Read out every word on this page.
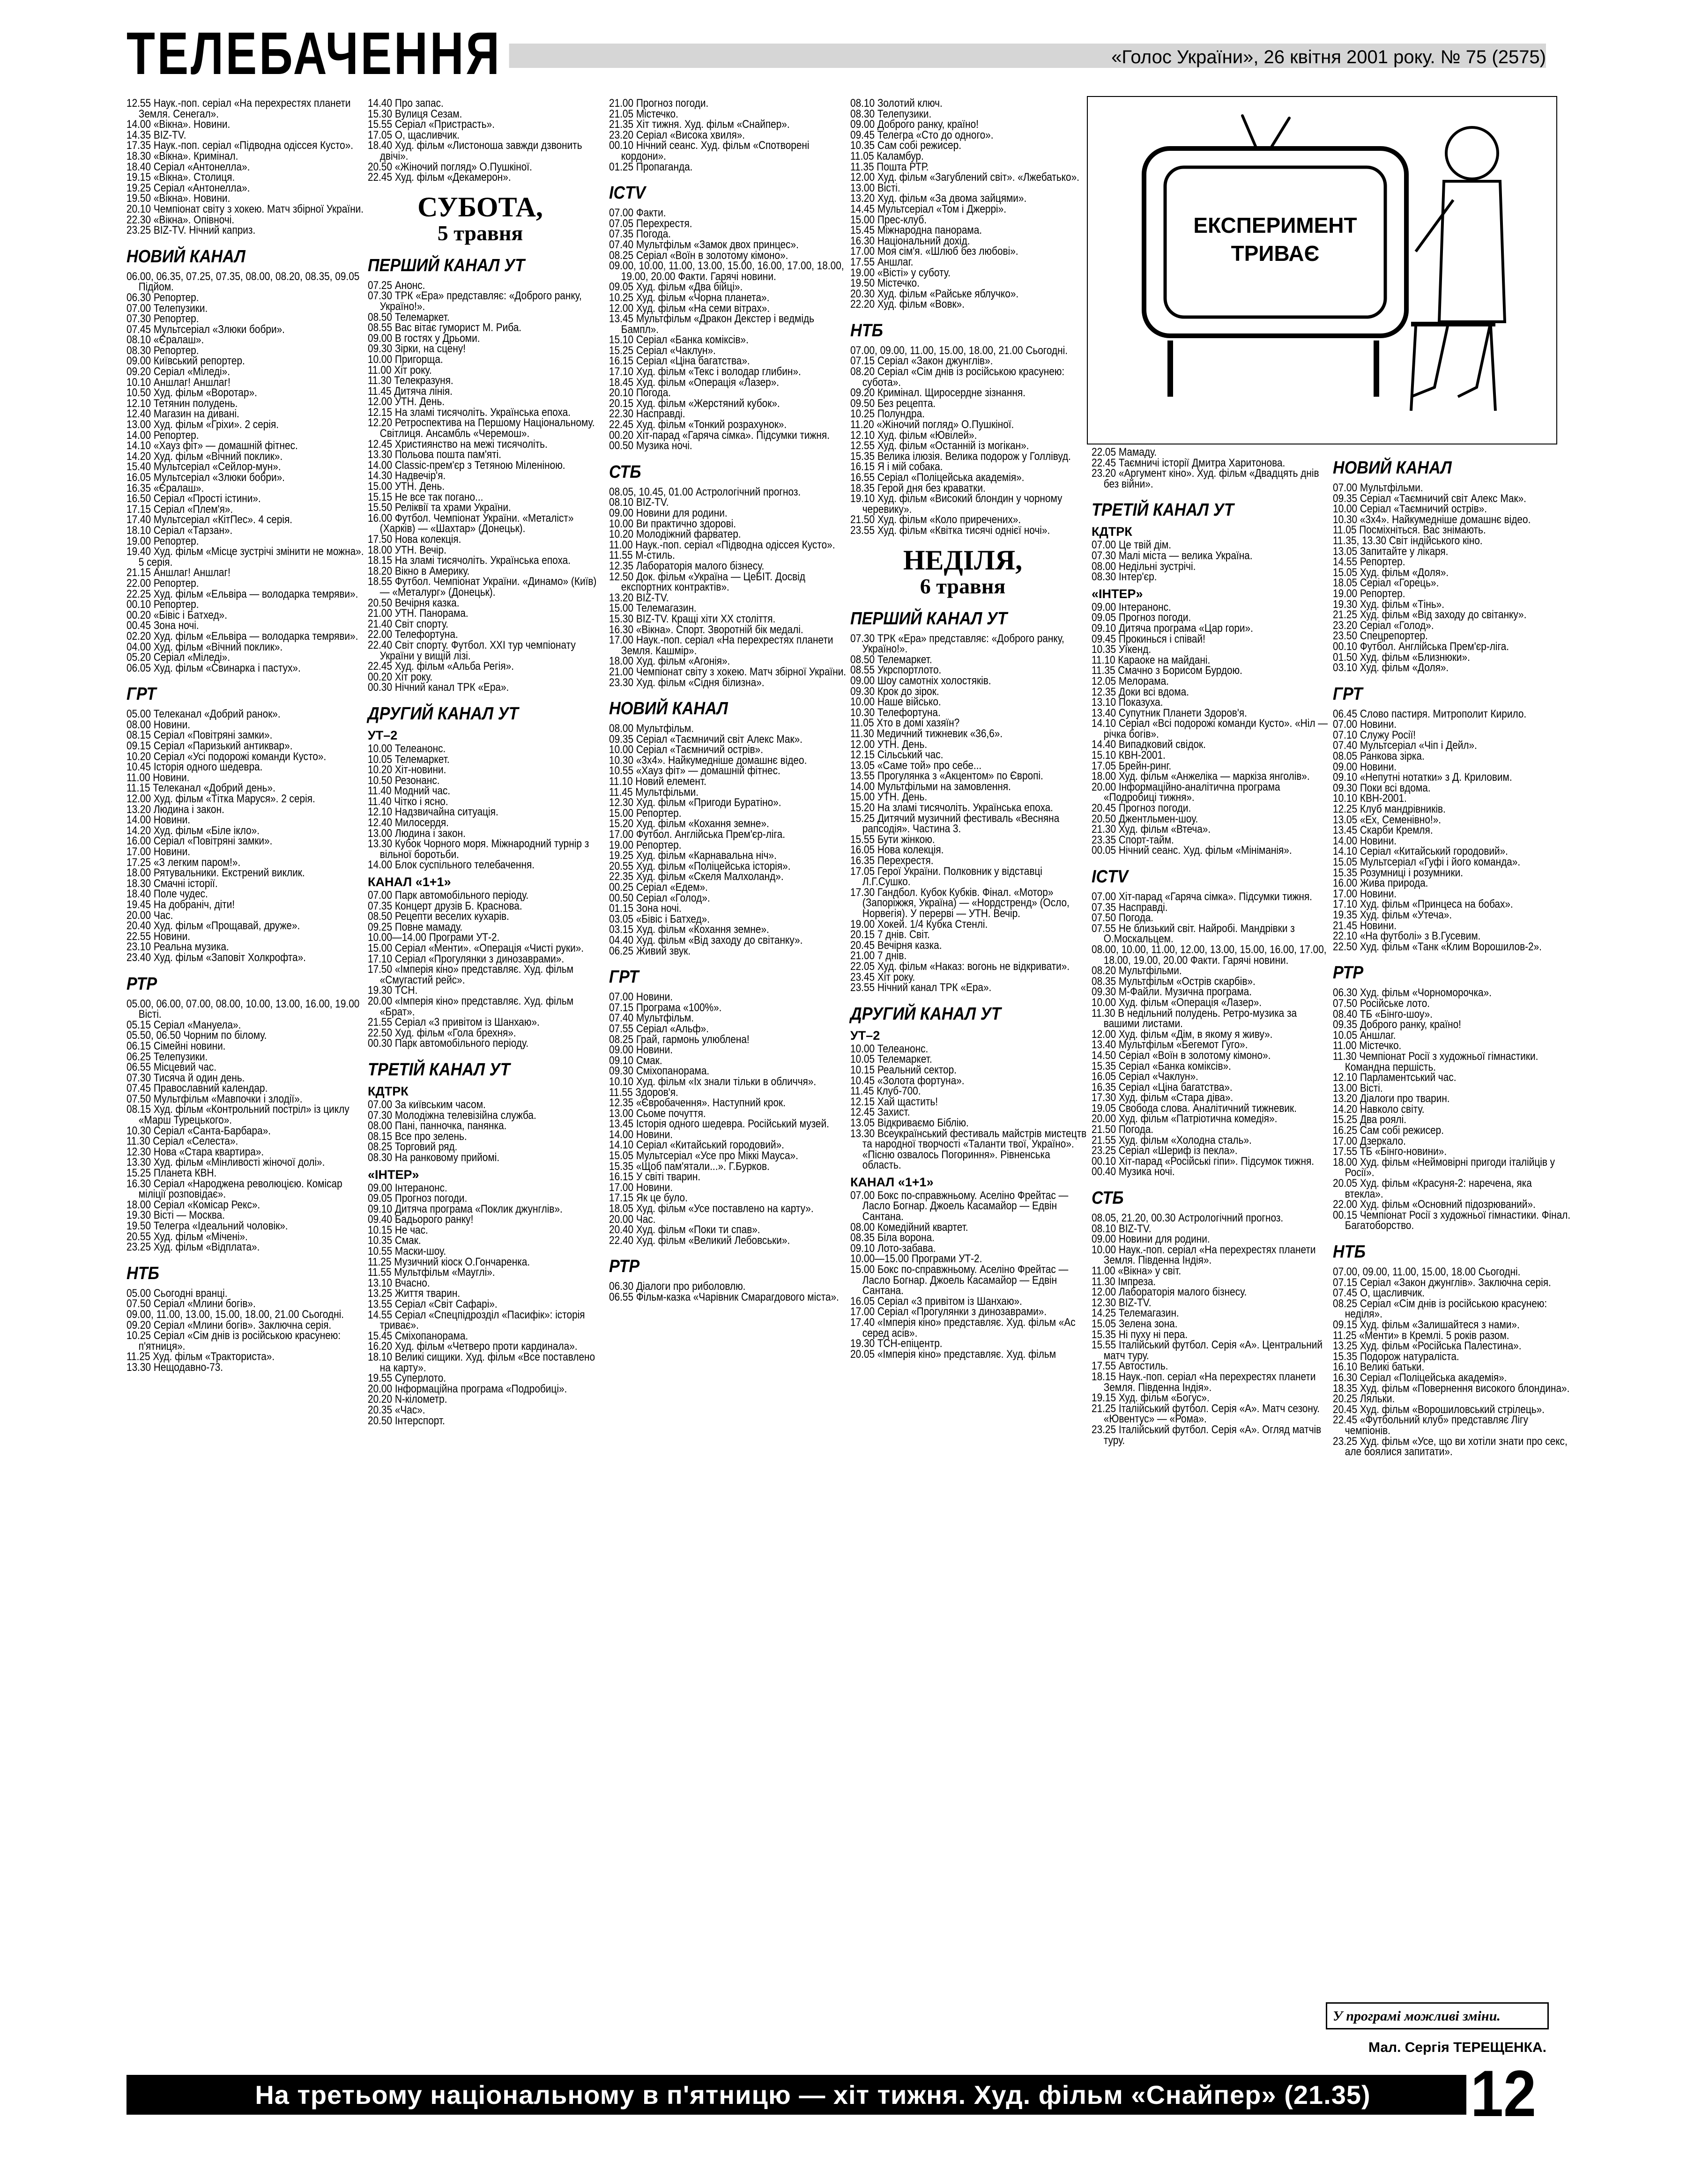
ТЕЛЕБАЧЕННЯ	«Голос України», 26 квітня 2001 року. № 75 (2575)

12.55 Наук.-поп. серіал «На перехрестях планети Земля. Сенегал».

14.00 «Вікна». Новини.

14.35 BIZ-TV.

17.35 Наук.-поп. серіал «Підводна одіссея Кусто».

18.30 «Вікна». Кримінал.

18.40 Серіал «Антонелла».

19.15 «Вікна». Столиця.

19.25 Серіал «Антонелла».

19.50 «Вікна». Новини.

20.10 Чемпіонат світу з хокею. Матч збірної України.

22.30 «Вікна». Опівночі.

23.25 BIZ-TV. Нічний каприз.

НОВИЙ КАНАЛ

06.00, 06.35, 07.25, 07.35, 08.00, 08.20, 08.35, 09.05 Підйом.

06.30 Репортер.

07.00 Телепузики.

07.30 Репортер.

07.45 Мультсеріал «Злюки бобри».

08.10 «Єралаш».

08.30 Репортер.

09.00 Київський репортер.

09.20 Серіал «Міледі».

10.10 Аншлаг! Аншлаг!

10.50 Худ. фільм «Воротар».

12.10 Тетянин полудень.

12.40 Магазин на дивані.

13.00 Худ. фільм «Гріхи». 2 серія.

14.00 Репортер.

14.10 «Хауз фіт» — домашній фітнес.

14.20 Худ. фільм «Вічний поклик».

15.40 Мультсеріал «Сейлор-мун».

16.05 Мультсеріал «Злюки бобри».

16.35 «Єралаш».

16.50 Серіал «Прості істини».

17.15 Серіал «Плем'я».

17.40 Мультсеріал «КітПес». 4 серія.

18.10 Серіал «Тарзан».

19.00 Репортер.

19.40 Худ. фільм «Місце зустрічі змінити не можна». 5 серія.

21.15 Аншлаг! Аншлаг!

22.00 Репортер.

22.25 Худ. фільм «Ельвіра — володарка темряви».

00.10 Репортер.

00.20 «Бівіс і Батхед».

00.45 Зона ночі.

02.20 Худ. фільм «Ельвіра — володарка темряви».

04.00 Худ. фільм «Вічний поклик».

05.20 Серіал «Міледі».

06.05 Худ. фільм «Свинарка і пастух».

ГРТ

05.00 Телеканал «Добрий ранок».

08.00 Новини.

08.15 Серіал «Повітряні замки».

09.15 Серіал «Паризький антиквар».

10.20 Серіал «Усі подорожі команди Кусто».

10.45 Історія одного шедевра.

11.00 Новини.

11.15 Телеканал «Добрий день».

12.00 Худ. фільм «Тітка Маруся». 2 серія.

13.20 Людина і закон.

14.00 Новини.

14.20 Худ. фільм «Біле ікло».

16.00 Серіал «Повітряні замки».

17.00 Новини.

17.25 «З легким паром!».

18.00 Рятувальники. Екстрений виклик.

18.30 Смачні історії.

18.40 Поле чудес.

19.45 На добраніч, діти!

20.00 Час.

20.40 Худ. фільм «Прощавай, друже».

22.55 Новини.

23.10 Реальна музика.

23.40 Худ. фільм «Заповіт Холкрофта».

РТР

05.00, 06.00, 07.00, 08.00, 10.00, 13.00, 16.00, 19.00 Вісті.

05.15 Серіал «Мануела».

05.50, 06.50 Чорним по білому.

06.15 Сімейні новини.

06.25 Телепузики.

06.55 Місцевий час.

07.30 Тисяча й один день.

07.45 Православний календар.

07.50 Мультфільм «Мавпочки і злодії».

08.15 Худ. фільм «Контрольний постріл» із циклу «Марш Турецького».

10.30 Серіал «Санта-Барбара».

11.30 Серіал «Селеста».

12.30 Нова «Стара квартира».

13.30 Худ. фільм «Мінливості жіночої долі».

15.25 Планета КВН.

16.30 Серіал «Народжена революцією. Комісар міліції розповідає».

18.00 Серіал «Комісар Рекс».

19.30 Вісті — Москва.

19.50 Телегра «Ідеальний чоловік».

20.55 Худ. фільм «Мічені».

23.25 Худ. фільм «Відплата».

НТБ

05.00 Сьогодні вранці.

07.50 Серіал «Млини богів».

09.00, 11.00, 13.00, 15.00, 18.00, 21.00 Сьогодні.

09.20 Серіал «Млини богів». Заключна серія.

10.25 Серіал «Сім днів із російською красунею: п'ятниця».

11.25 Худ. фільм «Тракториста».

13.30 Нещодавно-73.

14.40 Про запас.

15.30 Вулиця Сезам.

15.55 Серіал «Пристрасть».

17.05 О, щасливчик.

18.40 Худ. фільм «Листоноша завжди дзвонить двічі».

20.50 «Жіночий погляд» О.Пушкіної.

22.45 Худ. фільм «Декамерон».

СУБОТА,
5 травня
ПЕРШИЙ КАНАЛ УТ

07.25 Анонс.

07.30 ТРК «Ера» представляє: «Доброго ранку, Україно!».

08.50 Телемаркет.

08.55 Вас вітає гуморист М. Риба.

09.00 В гостях у Дрьоми.

09.30 Зірки, на сцену!

10.00 Пригорща.

11.00 Хіт року.

11.30 Телекразуня.

11.45 Дитяча лінія.

12.00 УТН. День.

12.15 На зламі тисячоліть. Українська епоха.

12.20 Ретроспектива на Першому Національному. Світлиця. Ансамбль «Черемош».

12.45 Християнство на межі тисячоліть.

13.30 Польова пошта пам'яті.

14.00 Classic-прем'єр з Тетяною Міленіною.

14.30 Надвечір'я.

15.00 УТН. День.

15.15 Не все так погано...

15.50 Реліквії та храми України.

16.00 Футбол. Чемпіонат України. «Металіст» (Харків) — «Шахтар» (Донецьк).

17.50 Нова колекція.

18.00 УТН. Вечір.

18.15 На зламі тисячоліть. Українська епоха.

18.20 Вікно в Америку.

18.55 Футбол. Чемпіонат України. «Динамо» (Київ) — «Металург» (Донецьк).

20.50 Вечірня казка.

21.00 УТН. Панорама.

21.40 Світ спорту.

22.00 Телефортуна.

22.40 Світ спорту. Футбол. XXI тур чемпіонату України у вищій лізі.

22.45 Худ. фільм «Альба Регія».

00.20 Хіт року.

00.30 Нічний канал ТРК «Ера».

ДРУГИЙ КАНАЛ УТ
УТ–2

10.00 Телеанонс.

10.05 Телемаркет.

10.20 Хіт-новини.

10.50 Резонанс.

11.40 Модний час.

11.40 Чіткo і ясно.

12.10 Надзвичайна ситуація.

12.40 Милосердя.

13.00 Людина і закон.

13.30 Кубок Чорного моря. Міжнародний турнір з вільної боротьби.

14.00 Блок суспільного телебачення.

КАНАЛ «1+1»

07.00 Парк автомобільного періоду.

07.35 Концерт друзів Б. Краснова.

08.50 Рецепти веселих кухарів.

09.25 Повне мамаду.

10.00—14.00 Програми УТ-2.

15.00 Серіал «Менти». «Операція «Чисті руки».

17.10 Серіал «Прогулянки з динозаврами».

17.50 «Імперія кіно» представляє. Худ. фільм «Смугастий рейс».

19.30 ТСН.

20.00 «Імперія кіно» представляє. Худ. фільм «Брат».

21.55 Серіал «3 привітом із Шанхаю».

22.50 Худ. фільм «Гола брехня».

00.30 Парк автомобільного періоду.

ТРЕТІЙ КАНАЛ УТ
КДТРК

07.00 За київським часом.

07.30 Молодіжна телевізійна служба.

08.00 Пані, панночка, панянка.

08.15 Все про зелень.

08.25 Торговий ряд.

08.30 На ранковому прийомі.

«ІНТЕР»

09.00 Інтеранонс.

09.05 Прогноз погоди.

09.10 Дитяча програма «Поклик джунглів».

09.40 Бадьорого ранку!

10.15 Не час.

10.35 Смак.

10.55 Маски-шоу.

11.25 Музичний кіоск О.Гончаренка.

11.55 Мультфільм «Мауглі».

13.10 Вчасно.

13.25 Життя тварин.

13.55 Серіал «Світ Сафарі».

14.55 Серіал «Спецпідрозділ «Пасифік»: історія триває».

15.45 Сміхопанорама.

16.20 Худ. фільм «Четверо проти кардинала».

18.10 Великі сищики. Худ. фільм «Все поставлено на карту».

19.55 Суперлото.

20.00 Інформаційна програма «Подробиці».

20.20 N-кілометр.

20.35 «Час».

20.50 Інтерспорт.

21.00 Прогноз погоди.

21.05 Містечко.

21.35 Хіт тижня. Худ. фільм «Снайпер».

23.20 Серіал «Висока хвиля».

00.10 Нічний сеанс. Худ. фільм «Спотворені кордони».

01.25 Пропаганда.

ICTV

07.00 Факти.

07.05 Перехрестя.

07.35 Погода.

07.40 Мультфільм «Замок двох принцес».

08.25 Серіал «Воїн в золотому кімоно».

09.00, 10.00, 11.00, 13.00, 15.00, 16.00, 17.00, 18.00, 19.00, 20.00 Факти. Гарячі новини.

09.05 Худ. фільм «Два бійці».

10.25 Худ. фільм «Чорна планета».

12.00 Худ. фільм «На семи вітрах».

13.45 Мультфільм «Дракон Декстер і ведмідь Бампл».

15.10 Серіал «Банка коміксів».

15.25 Серіал «Чаклун».

16.15 Серіал «Ціна багатства».

17.10 Худ. фільм «Текс і володар глибин».

18.45 Худ. фільм «Операція «Лазер».

20.10 Погода.

20.15 Худ. фільм «Жерстяний кубок».

22.30 Насправді.

22.45 Худ. фільм «Тонкий розрахунок».

00.20 Хіт-парад «Гаряча сімка». Підсумки тижня.

00.50 Музика ночі.

СТБ

08.05, 10.45, 01.00 Астрологічний прогноз.

08.10 BIZ-TV.

09.00 Новини для родини.

10.00 Ви практично здорові.

10.20 Молодіжний фарватер.

11.00 Наук.-поп. серіал «Підводна одіссея Кусто».

11.55 М-стиль.

12.35 Лабораторія малого бізнесу.

12.50 Док. фільм «Україна — ЦеБІТ. Досвід експортних контрактів».

13.20 BIZ-TV.

15.00 Телемагазин.

15.30 BIZ-TV. Кращі хіти XX століття.

16.30 «Вікна». Спорт. Зворотній бік медалі.

17.00 Наук.-поп. серіал «На перехрестях планети Земля. Кашмір».

18.00 Худ. фільм «Агонія».

21.00 Чемпіонат світу з хокею. Матч збірної України.

23.30 Худ. фільм «Сідня білизна».

НОВИЙ КАНАЛ

08.00 Мультфільм.

09.35 Серіал «Таємничий світ Алекс Мак».

10.00 Серіал «Таємничий острів».

10.30 «3х4». Найкумедніше домашнє відео.

10.55 «Хауз фіт» — домашній фітнес.

11.10 Новий елемент.

11.45 Мультфільми.

12.30 Худ. фільм «Пригоди Буратіно».

15.00 Репортер.

15.20 Худ. фільм «Кохання земне».

17.00 Футбол. Англійська Прем'єр-ліга.

19.00 Репортер.

19.25 Худ. фільм «Карнавальна ніч».

20.55 Худ. фільм «Поліцейська історія».

22.35 Худ. фільм «Скеля Малхоланд».

00.25 Серіал «Едем».

00.50 Серіал «Голод».

01.15 Зона ночі.

03.05 «Бівіс і Батхед».

03.15 Худ. фільм «Кохання земне».

04.40 Худ. фільм «Від заходу до світанку».

06.25 Живий звук.

ГРТ

07.00 Новини.

07.15 Програма «100%».

07.40 Мультфільм.

07.55 Серіал «Альф».

08.25 Грай, гармонь улюблена!

09.00 Новини.

09.10 Смак.

09.30 Сміхопанорама.

10.10 Худ. фільм «Іх знали тільки в обличчя».

11.55 Здоров'я.

12.35 «Євробачення». Наступний крок.

13.00 Сьоме почуття.

13.45 Історія одного шедевра. Російський музей.

14.00 Новини.

14.10 Серіал «Китайський городовий».

15.05 Мультсеріал «Усе про Міккі Мауса».

15.35 «Щоб пам'ятали...». Г.Бурков.

16.15 У світі тварин.

17.00 Новини.

17.15 Як це було.

18.05 Худ. фільм «Усе поставлено на карту».

20.00 Час.

20.40 Худ. фільм «Поки ти спав».

22.40 Худ. фільм «Великий Лебовськи».

РТР

06.30 Діалоги про риболовлю.

06.55 Фільм-казка «Чарівник Смарагдового міста».

08.10 Золотий ключ.

08.30 Телепузики.

09.00 Доброго ранку, країно!

09.45 Телегра «Сто до одного».

10.35 Сам собі режисер.

11.05 Каламбур.

11.35 Пошта РТР.

12.00 Худ. фільм «Загублений світ». «Лжебатько».

13.00 Вісті.

13.20 Худ. фільм «За двома зайцями».

14.45 Мультсеріал «Том і Джеррі».

15.00 Прес-клуб.

15.45 Міжнародна панорама.

16.30 Національний дохід.

17.00 Моя сім'я. «Шлюб без любові».

17.55 Аншлаг.

19.00 «Вісті» у суботу.

19.50 Містечко.

20.30 Худ. фільм «Райське яблучко».

22.20 Худ. фільм «Вовк».

НТБ

07.00, 09.00, 11.00, 15.00, 18.00, 21.00 Сьогодні.

07.15 Серіал «Закон джунглів».

08.20 Серіал «Сім днів із російською красунею: субота».

09.20 Кримінал. Щиросердне зізнання.

09.50 Без рецепта.

10.25 Полундра.

11.20 «Жіночий погляд» О.Пушкіної.

12.10 Худ. фільм «Ювілей».

12.55 Худ. фільм «Останній із могікан».

15.35 Велика ілюзія. Велика подорож у Голлівуд.

16.15 Я і мій собака.

16.55 Серіал «Поліцейська академія».

18.35 Герой дня без краватки.

19.10 Худ. фільм «Високий блондин у чорному черевику».

21.50 Худ. фільм «Коло приречених».

23.55 Худ. фільм «Квітка тисячі однієї ночі».

НЕДІЛЯ,
6 травня
ПЕРШИЙ КАНАЛ УТ

07.30 ТРК «Ера» представляє: «Доброго ранку, Україно!».

08.50 Телемаркет.

08.55 Укрспортлото.

09.00 Шоу самотніх холостяків.

09.30 Крок до зірок.

10.00 Наше військо.

10.30 Телефортуна.

11.05 Хто в домі хазяїн?

11.30 Медичний тижневик «36,6».

12.00 УТН. День.

12.15 Сільський час.

13.05 «Саме той» про себе...

13.55 Прогулянка з «Акцентом» по Європі.

14.00 Мультфільми на замовлення.

15.00 УТН. День.

15.20 На зламі тисячоліть. Українська епоха.

15.25 Дитячий музичний фестиваль «Весняна рапсодія». Частина 3.

15.55 Бути жінкою.

16.05 Нова колекція.

16.35 Перехрестя.

17.05 Герої України. Полковник у відставці Л.Г.Сушко.

17.30 Гандбол. Кубок Кубків. Фінал. «Мотор» (Запоріжжя, Україна) — «Нордстренд» (Осло, Норвегія). У перерві — УТН. Вечір.

19.00 Хокей. 1/4 Кубка Стенлі.

20.15 7 днів. Світ.

20.45 Вечірня казка.

21.00 7 днів.

22.05 Худ. фільм «Наказ: вогонь не відкривати».

23.45 Хіт року.

23.55 Нічний канал ТРК «Ера».

ДРУГИЙ КАНАЛ УТ
УТ–2

10.00 Телеанонс.

10.05 Телемаркет.

10.15 Реальний сектор.

10.45 «Золота фортуна».

11.45 Клуб-700.

12.15 Хай щастить!

12.45 Захист.

13.05 Відкриваємо Біблію.

13.30 Всеукраїнський фестиваль майстрів мистецтв та народної творчості «Таланти твої, Україно». «Пісню озвалось Погориння». Рівненська область.

КАНАЛ «1+1»

07.00 Бокс по-справжньому. Аселіно Фрейтас — Ласло Богнар. Джоель Касамайор — Едвін Сантана.

08.00 Комедійний квартет.

08.35 Біла ворона.

09.10 Лото-забава.

10.00—15.00 Програми УТ-2.

15.00 Бокс по-справжньому. Аселіно Фрейтас — Ласло Богнар. Джоель Касамайор — Едвін Сантана.

16.05 Серіал «3 привітом із Шанхаю».

17.00 Серіал «Прогулянки з динозаврами».

17.40 «Імперія кіно» представляє. Худ. фільм «Ас серед асів».

19.30 ТСН-епіцентр.

20.05 «Імперія кіно» представляє. Худ. фільм

22.05 Мамаду.

22.45 Таємничі історії Дмитра Харитонова.

23.20 «Аргумент кіно». Худ. фільм «Двадцять днів без війни».

ТРЕТІЙ КАНАЛ УТ
КДТРК

07.00 Це твій дім.

07.30 Малі міста — велика Україна.

08.00 Недільні зустрічі.

08.30 Інтер'єр.

«ІНТЕР»

09.00 Інтеранонс.

09.05 Прогноз погоди.

09.10 Дитяча програма «Цар гори».

09.45 Прокинься і співай!

10.35 Уїкенд.

11.10 Караоке на майдані.

11.35 Смачно з Борисом Бурдою.

12.05 Мелорама.

12.35 Доки всі вдома.

13.10 Показуха.

13.40 Супутник Планети Здоров'я.

14.10 Серіал «Всі подорожі команди Кусто». «Ніл — річка богів».

14.40 Випадковий свідок.

15.10 КВН-2001.

17.05 Брейн-ринг.

18.00 Худ. фільм «Анжеліка — маркіза янголів».

20.00 Інформаційно-аналітична програма «Подробиці тижня».

20.45 Прогноз погоди.

20.50 Джентльмен-шоу.

21.30 Худ. фільм «Втеча».

23.35 Спорт-тайм.

00.05 Нічний сеанс. Худ. фільм «Мініманія».

ICTV

07.00 Хіт-парад «Гаряча сімка». Підсумки тижня.

07.35 Насправді.

07.50 Погода.

07.55 Не близький світ. Найробі. Мандрівки з О.Москальцем.

08.00, 10.00, 11.00, 12.00, 13.00, 15.00, 16.00, 17.00, 18.00, 19.00, 20.00 Факти. Гарячі новини.

08.20 Мультфільми.

08.35 Мультфільм «Острів скарбів».

09.30 М-Файли. Музична програма.

10.00 Худ. фільм «Операція «Лазер».

11.30 В недільний полудень. Ретро-музика за вашими листами.

12.00 Худ. фільм «Дім, в якому я живу».

13.40 Мультфільм «Бегемот Гуго».

14.50 Серіал «Воїн в золотому кімоно».

15.35 Серіал «Банка коміксів».

16.05 Серіал «Чаклун».

16.35 Серіал «Ціна багатства».

17.30 Худ. фільм «Стара діва».

19.05 Свобода слова. Аналітичний тижневик.

20.00 Худ. фільм «Патріотична комедія».

21.50 Погода.

21.55 Худ. фільм «Холодна сталь».

23.25 Серіал «Шериф із пекла».

00.10 Хіт-парад «Російські гіпи». Підсумок тижня.

00.40 Музика ночі.

СТБ

08.05, 21.20, 00.30 Астрологічний прогноз.

08.10 BIZ-TV.

09.00 Новини для родини.

10.00 Наук.-поп. серіал «На перехрестях планети Земля. Південна Індія».

11.00 «Вікна» у світ.

11.30 Імпреза.

12.00 Лабораторія малого бізнесу.

12.30 BIZ-TV.

14.25 Телемагазин.

15.05 Зелена зона.

15.35 Ні пуху ні пера.

15.55 Італійський футбол. Серія «А». Центральний матч туру.

17.55 Автостиль.

18.15 Наук.-поп. серіал «На перехрестях планети Земля. Південна Індія».

19.15 Худ. фільм «Богус».

21.25 Італійський футбол. Серія «А». Матч сезону. «Ювентус» — «Рома».

23.25 Італійський футбол. Серія «А». Огляд матчів туру.

НОВИЙ КАНАЛ

07.00 Мультфільми.

09.35 Серіал «Таємничий світ Алекс Мак».

10.00 Серіал «Таємничий острів».

10.30 «3х4». Найкумедніше домашнє відео.

11.05 Посміхніться. Вас знімають.

11.35, 13.30 Світ індійського кіно.

13.05 Запитайте у лікаря.

14.55 Репортер.

15.05 Худ. фільм «Доля».

18.05 Серіал «Горець».

19.00 Репортер.

19.30 Худ. фільм «Тінь».

21.25 Худ. фільм «Від заходу до світанку».

23.20 Серіал «Голод».

23.50 Спецрепортер.

00.10 Футбол. Англійська Прем'єр-ліга.

01.50 Худ. фільм «Близнюки».

03.10 Худ. фільм «Доля».

ГРТ

06.45 Слово пастиря. Митрополит Кирило.

07.00 Новини.

07.10 Служу Росії!

07.40 Мультсеріал «Чіп і Дейл».

08.05 Ранкова зірка.

09.00 Новини.

09.10 «Непутні нотатки» з Д. Криловим.

09.30 Поки всі вдома.

10.10 КВН-2001.

12.25 Клуб мандрівників.

13.05 «Ех, Семенівно!».

13.45 Скарби Кремля.

14.00 Новини.

14.10 Серіал «Китайський городовий».

15.05 Мультсеріал «Гуфі і його команда».

15.35 Розумниці і розумники.

16.00 Жива природа.

17.00 Новини.

17.10 Худ. фільм «Принцеса на бобах».

19.35 Худ. фільм «Утеча».

21.45 Новини.

22.10 «На футболі» з В.Гусевим.

22.50 Худ. фільм «Танк «Клим Ворошилов-2».

РТР

06.30 Худ. фільм «Чорноморочка».

07.50 Російське лото.

08.40 ТБ «Бінго-шоу».

09.35 Доброго ранку, країно!

10.05 Аншлаг.

11.00 Містечко.

11.30 Чемпіонат Росії з художньої гімнастики. Командна першість.

12.10 Парламентський час.

13.00 Вісті.

13.20 Діалоги про тварин.

14.20 Навколо світу.

15.25 Два роялі.

16.25 Сам собі режисер.

17.00 Дзеркало.

17.55 ТБ «Бінго-новини».

18.00 Худ. фільм «Неймовірні пригоди італійців у Росії».

20.05 Худ. фільм «Красуня-2: наречена, яка втекла».

22.00 Худ. фільм «Основний підозрюваний».

00.15 Чемпіонат Росії з художньої гімнастики. Фінал. Багатоборство.

НТБ

07.00, 09.00, 11.00, 15.00, 18.00 Сьогодні.

07.15 Серіал «Закон джунглів». Заключна серія.

07.45 О, щасливчик.

08.25 Серіал «Сім днів із російською красунею: неділя».

09.15 Худ. фільм «Залишайтеся з нами».

11.25 «Менти» в Кремлі. 5 років разом.

13.25 Худ. фільм «Російська Палестина».

15.35 Подорож натураліста.

16.10 Великі батьки.

16.30 Серіал «Поліцейська академія».

18.35 Худ. фільм «Повернення високого блондина».

20.25 Ляльки.

20.45 Худ. фільм «Ворошиловський стрілець».

22.45 «Футбольний клуб» представляє Лігу чемпіонів.

23.25 Худ. фільм «Усе, що ви хотіли знати про секс, але боялися запитати».

ЕКСПЕРИМЕНТ
ТРИВАЄ
У програмі можливі зміни.
Мал. Сергія ТЕРЕЩЕНКА.
На третьому національному в п'ятницю — хіт тижня. Худ. фільм «Снайпер» (21.35)	12
